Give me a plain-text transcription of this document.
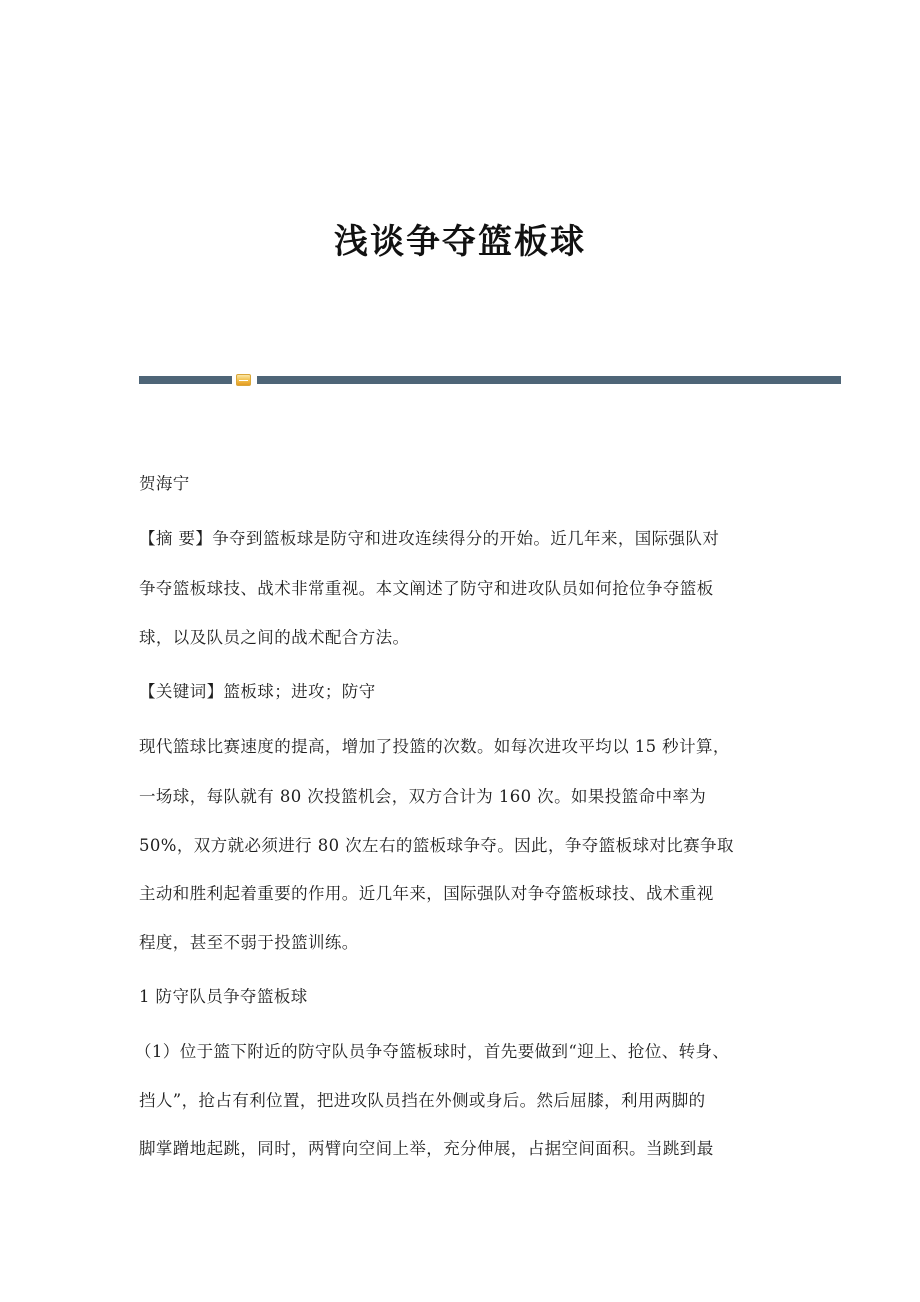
浅谈争夺篮板球
贺海宁
【摘 要】争夺到篮板球是防守和进攻连续得分的开始。近几年来，国际强队对
争夺篮板球技、战术非常重视。本文阐述了防守和进攻队员如何抢位争夺篮板
球，以及队员之间的战术配合方法。
【关键词】篮板球；进攻；防守
现代篮球比赛速度的提高，增加了投篮的次数。如每次进攻平均以 15 秒计算，
一场球，每队就有 80 次投篮机会，双方合计为 160 次。如果投篮命中率为
50%，双方就必须进行 80 次左右的篮板球争夺。因此，争夺篮板球对比赛争取
主动和胜利起着重要的作用。近几年来，国际强队对争夺篮板球技、战术重视
程度，甚至不弱于投篮训练。
1 防守队员争夺篮板球
（1）位于篮下附近的防守队员争夺篮板球时，首先要做到“迎上、抢位、转身、
挡人”，抢占有利位置，把进攻队员挡在外侧或身后。然后屈膝，利用两脚的
脚掌蹭地起跳，同时，两臂向空间上举，充分伸展，占据空间面积。当跳到最
